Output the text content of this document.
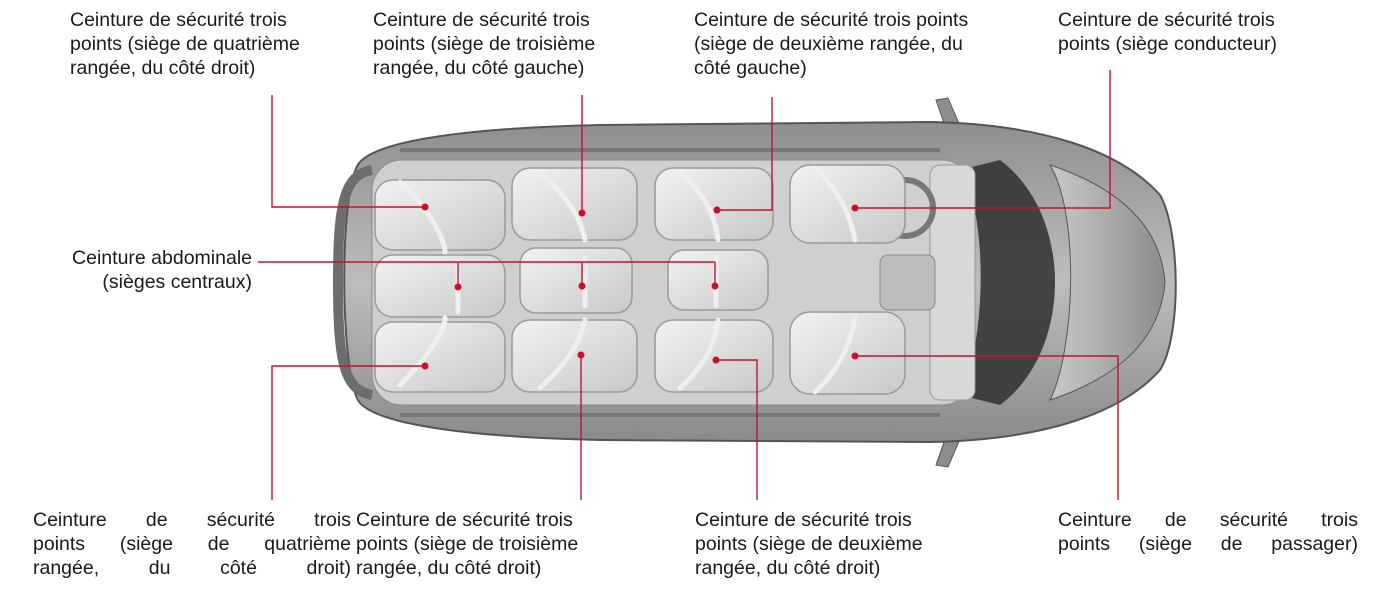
Ceinture de sécurité trois
points (siège de quatrième
rangée, du côté droit)
Ceinture de sécurité trois
points (siège de troisième
rangée, du côté gauche)
Ceinture de sécurité trois points
(siège de deuxième rangée, du
côté gauche)
Ceinture de sécurité trois
points (siège conducteur)
Ceinture abdominale
(sièges centraux)
Ceinture de sécurité trois
points (siège de quatrième
rangée, du côté droit)
Ceinture de sécurité trois
points (siège de troisième
rangée, du côté droit)
Ceinture de sécurité trois
points (siège de deuxième
rangée, du côté droit)
Ceinture de sécurité trois
points (siège de passager)
